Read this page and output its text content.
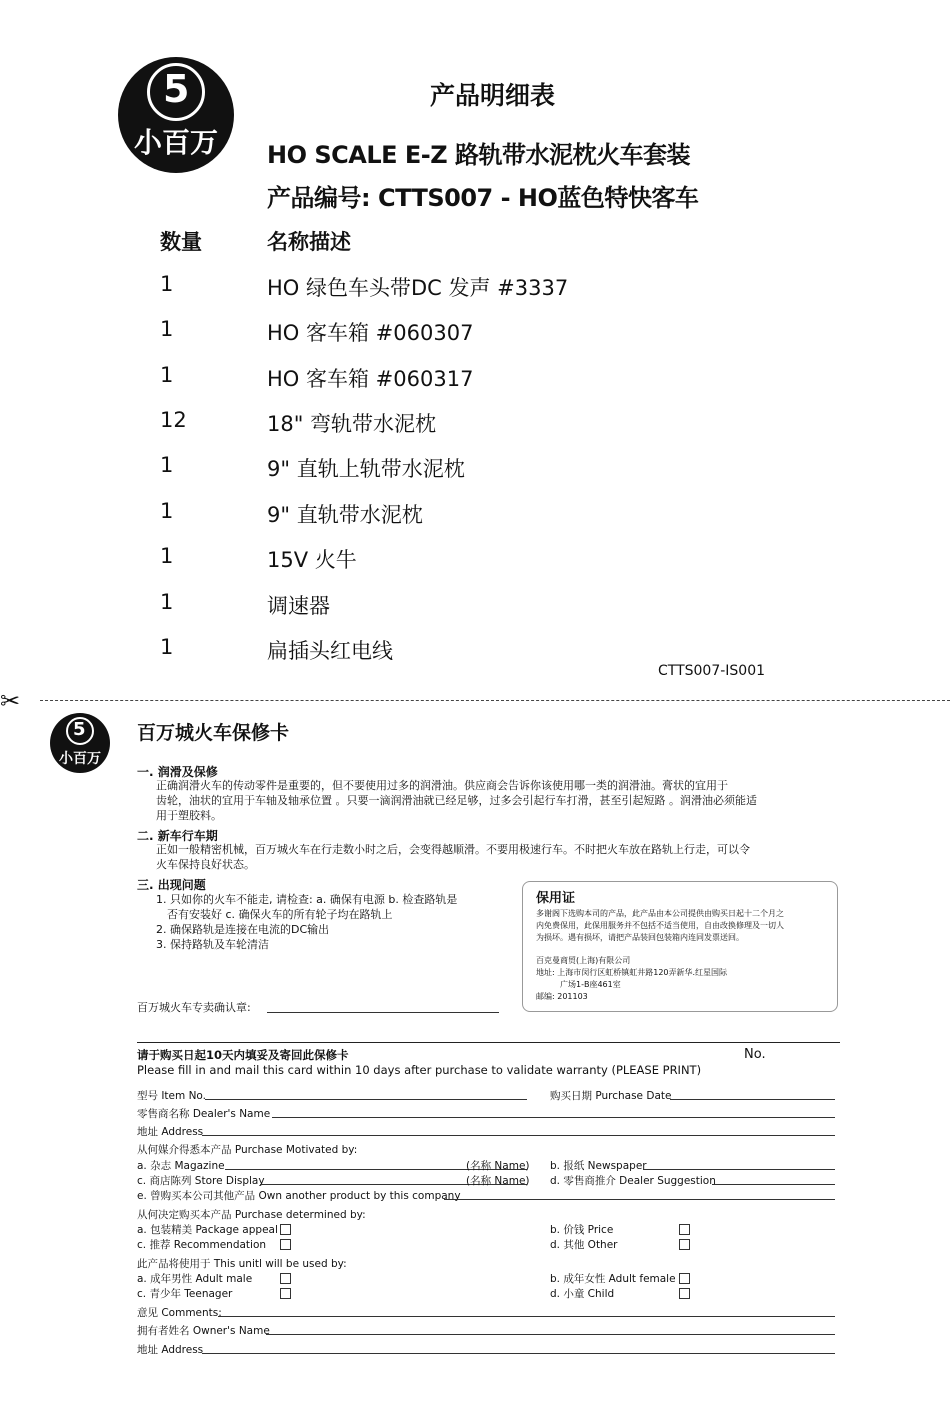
5
小百万
产品明细表
HO SCALE E-Z 路轨带水泥枕火车套装
产品编号: CTTS007 - HO蓝色特快客车
数量	名称描述
1	HO 绿色车头带DC 发声 #3337
1	HO 客车箱 #060307
1	HO 客车箱 #060317
12	18" 弯轨带水泥枕
1	9" 直轨上轨带水泥枕
1	9" 直轨带水泥枕
1	15V 火牛
1	调速器
1	扁插头红电线
CTTS007-IS001
✂
5
小百万
百万城火车保修卡
一. 润滑及保修
正确润滑火车的传动零件是重要的，但不要使用过多的润滑油。供应商会告诉你该使用哪一类的润滑油。膏状的宜用于
齿轮，油状的宜用于车轴及轴承位置 。只要一滴润滑油就已经足够，过多会引起行车打滑，甚至引起短路 。润滑油必须能适
用于塑胶料。
二. 新车行车期
正如一般精密机械，百万城火车在行走数小时之后，会变得越顺滑。不要用极速行车。不时把火车放在路轨上行走，可以令
火车保持良好状态。
三. 出现问题
1. 只如你的火车不能走, 请检查: a. 确保有电源 b. 检查路轨是
否有安装好 c. 确保火车的所有轮子均在路轨上
2. 确保路轨是连接在电流的DC输出
3. 保持路轨及车轮清洁
百万城火车专卖确认章:
保用证
多谢阁下选购本司的产品，此产品由本公司提供由购买日起十二个月之
内免费保用，此保用服务并不包括不适当使用，自由改换修理及一切人
为损坏。遇有损坏，请把产品装回包装箱内连同发票送回。
百克曼商贸(上海)有限公司
地址: 上海市闵行区虹桥镇虹井路120弄新华.红星国际
广场1-B座461室
邮编: 201103
请于购买日起10天内填妥及寄回此保修卡
Please fill in and mail this card within 10 days after purchase to validate warranty (PLEASE PRINT)
No.
型号 Item No.	购买日期 Purchase Date
零售商名称 Dealer's Name
地址 Address
从何媒介得悉本产品 Purchase Motivated by:
a. 杂志 Magazine	(名称 Name) b. 报纸 Newspaper
c. 商店陈列 Store Display	(名称 Name) d. 零售商推介 Dealer Suggestion
e. 曾购买本公司其他产品 Own another product by this company
从何决定购买本产品 Purchase determined by:
a. 包装精美 Package appeal	b. 价钱 Price
c. 推荐 Recommendation	d. 其他 Other
此产品将使用于 This unitl will be used by:
a. 成年男性 Adult male	b. 成年女性 Adult female
c. 青少年 Teenager	d. 小童 Child
意见 Comments:
拥有者姓名 Owner's Name
地址 Address
